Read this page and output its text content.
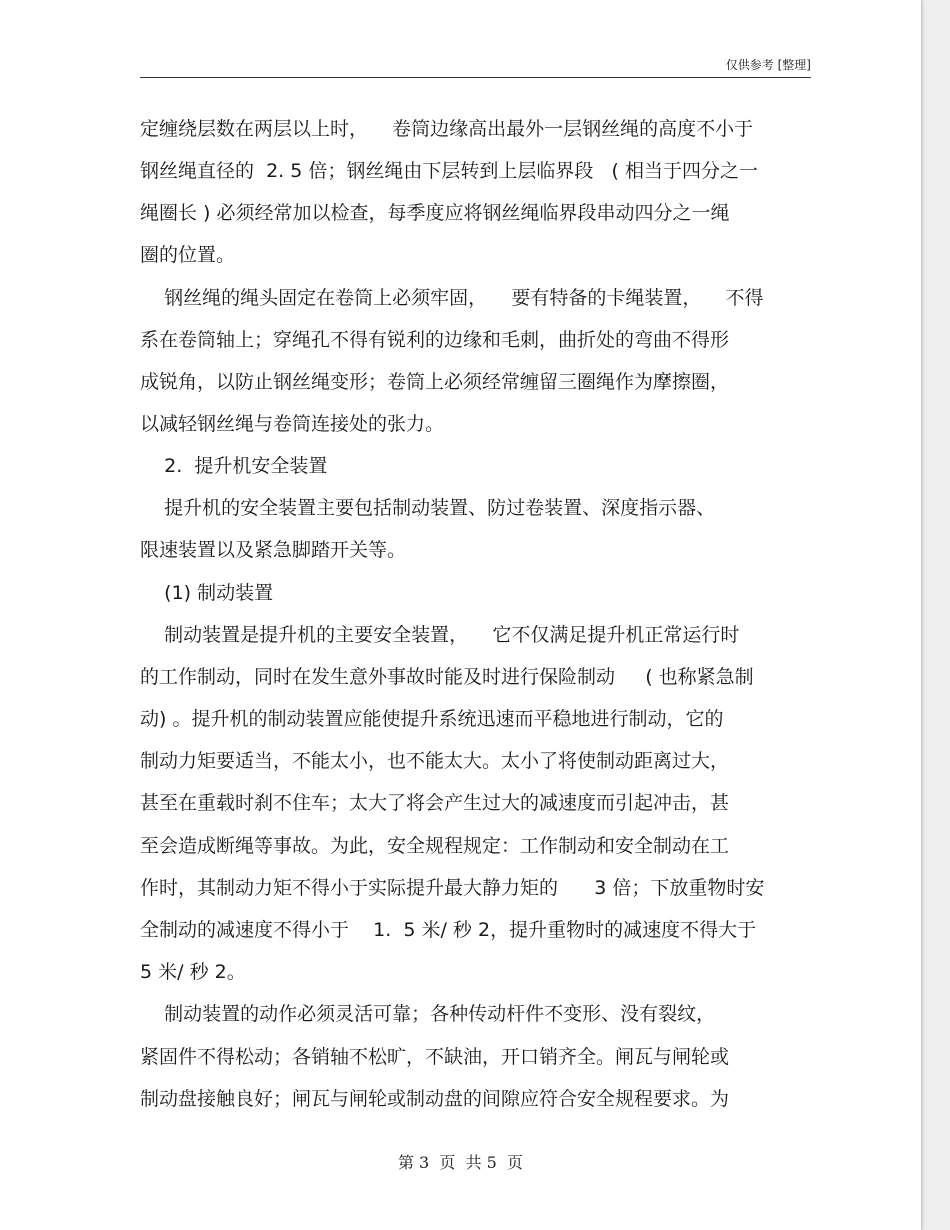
仅供参考 [整理]
定缠绕层数在两层以上时，    卷筒边缘高出最外一层钢丝绳的高度不小于
钢丝绳直径的  2. 5 倍；钢丝绳由下层转到上层临界段   ( 相当于四分之一
绳圈长 ) 必须经常加以检查，每季度应将钢丝绳临界段串动四分之一绳
圈的位置。
钢丝绳的绳头固定在卷筒上必须牢固，    要有特备的卡绳装置，    不得
系在卷筒轴上；穿绳孔不得有锐利的边缘和毛刺，曲折处的弯曲不得形
成锐角，以防止钢丝绳变形；卷筒上必须经常缠留三圈绳作为摩擦圈，
以减轻钢丝绳与卷筒连接处的张力。
2.  提升机安全装置
提升机的安全装置主要包括制动装置、防过卷装置、深度指示器、
限速装置以及紧急脚踏开关等。
(1) 制动装置
制动装置是提升机的主要安全装置，    它不仅满足提升机正常运行时
的工作制动，同时在发生意外事故时能及时进行保险制动     ( 也称紧急制
动) 。提升机的制动装置应能使提升系统迅速而平稳地进行制动，它的
制动力矩要适当，不能太小，也不能太大。太小了将使制动距离过大，
甚至在重载时刹不住车；太大了将会产生过大的减速度而引起冲击，甚
至会造成断绳等事故。为此，安全规程规定：工作制动和安全制动在工
作时，其制动力矩不得小于实际提升最大静力矩的      3 倍；下放重物时安
全制动的减速度不得小于    1.  5 米/ 秒 2，提升重物时的减速度不得大于
5 米/ 秒 2。
制动装置的动作必须灵活可靠；各种传动杆件不变形、没有裂纹，
紧固件不得松动；各销轴不松旷，不缺油，开口销齐全。闸瓦与闸轮或
制动盘接触良好；闸瓦与闸轮或制动盘的间隙应符合安全规程要求。为
第 3  页  共 5  页
